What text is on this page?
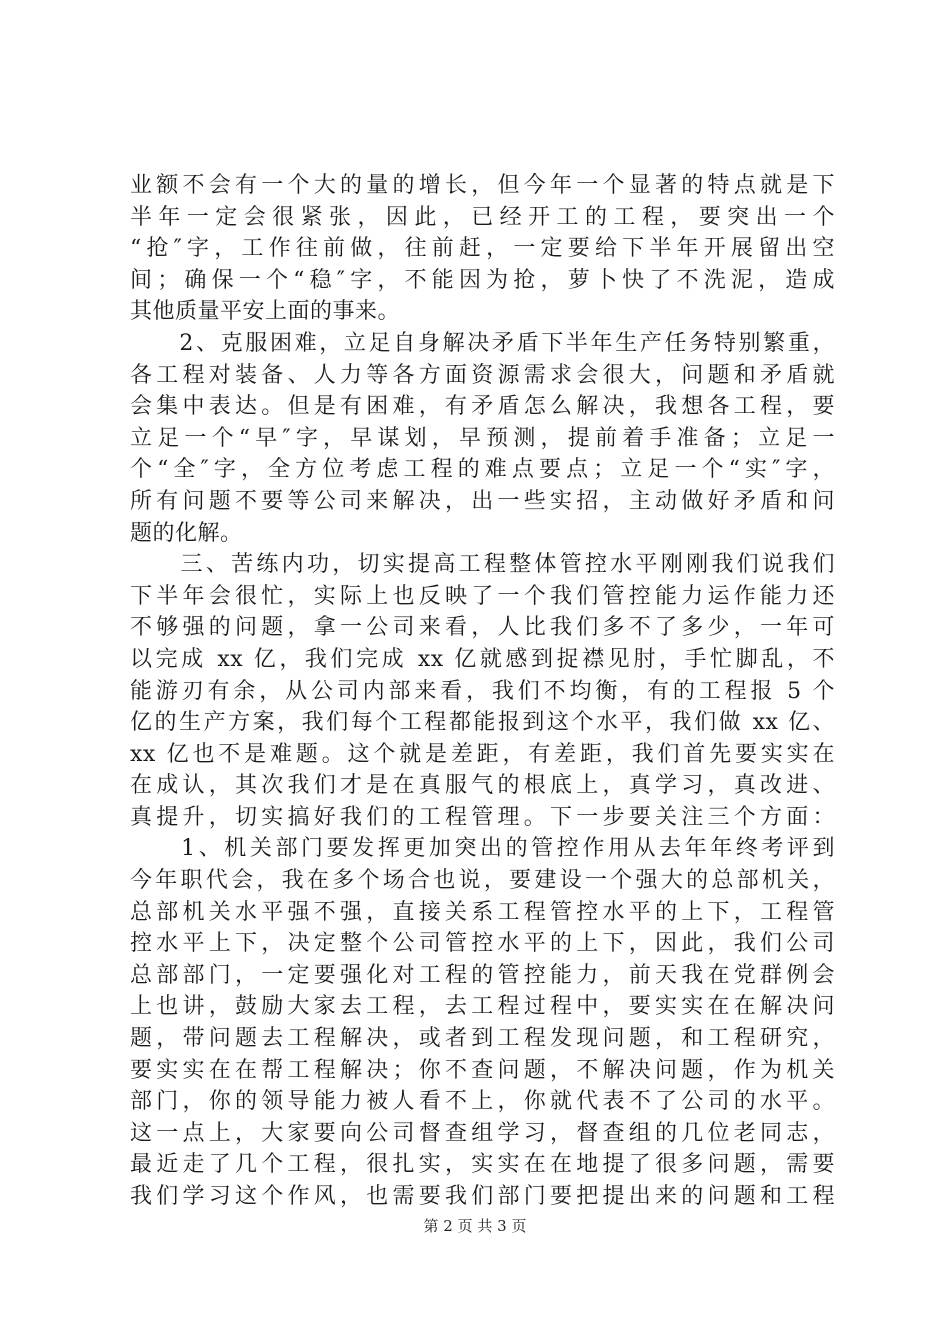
业额不会有一个大的量的增长，但今年一个显著的特点就是下
半年一定会很紧张，因此，已经开工的工程，要突出一个
“抢″字，工作往前做，往前赶，一定要给下半年开展留出空
间；确保一个“稳″字，不能因为抢，萝卜快了不洗泥，造成
其他质量平安上面的事来。
　　2、克服困难，立足自身解决矛盾下半年生产任务特别繁重，
各工程对装备、人力等各方面资源需求会很大，问题和矛盾就
会集中表达。但是有困难，有矛盾怎么解决，我想各工程，要
立足一个“早″字，早谋划，早预测，提前着手准备；立足一
个“全″字，全方位考虑工程的难点要点；立足一个“实″字，
所有问题不要等公司来解决，出一些实招，主动做好矛盾和问
题的化解。
　　三、苦练内功，切实提高工程整体管控水平刚刚我们说我们
下半年会很忙，实际上也反映了一个我们管控能力运作能力还
不够强的问题，拿一公司来看，人比我们多不了多少，一年可
以完成 xx 亿，我们完成 xx 亿就感到捉襟见肘，手忙脚乱，不
能游刃有余，从公司内部来看，我们不均衡，有的工程报 5 个
亿的生产方案，我们每个工程都能报到这个水平，我们做 xx 亿、
xx 亿也不是难题。这个就是差距，有差距，我们首先要实实在
在成认，其次我们才是在真服气的根底上，真学习，真改进、
真提升，切实搞好我们的工程管理。下一步要关注三个方面：
　　1、机关部门要发挥更加突出的管控作用从去年年终考评到
今年职代会，我在多个场合也说，要建设一个强大的总部机关，
总部机关水平强不强，直接关系工程管控水平的上下，工程管
控水平上下，决定整个公司管控水平的上下，因此，我们公司
总部部门，一定要强化对工程的管控能力，前天我在党群例会
上也讲，鼓励大家去工程，去工程过程中，要实实在在解决问
题，带问题去工程解决，或者到工程发现问题，和工程研究，
要实实在在帮工程解决；你不查问题，不解决问题，作为机关
部门，你的领导能力被人看不上，你就代表不了公司的水平。
这一点上，大家要向公司督查组学习，督查组的几位老同志，
最近走了几个工程，很扎实，实实在在地提了很多问题，需要
我们学习这个作风，也需要我们部门要把提出来的问题和工程
第 2 页 共 3 页
